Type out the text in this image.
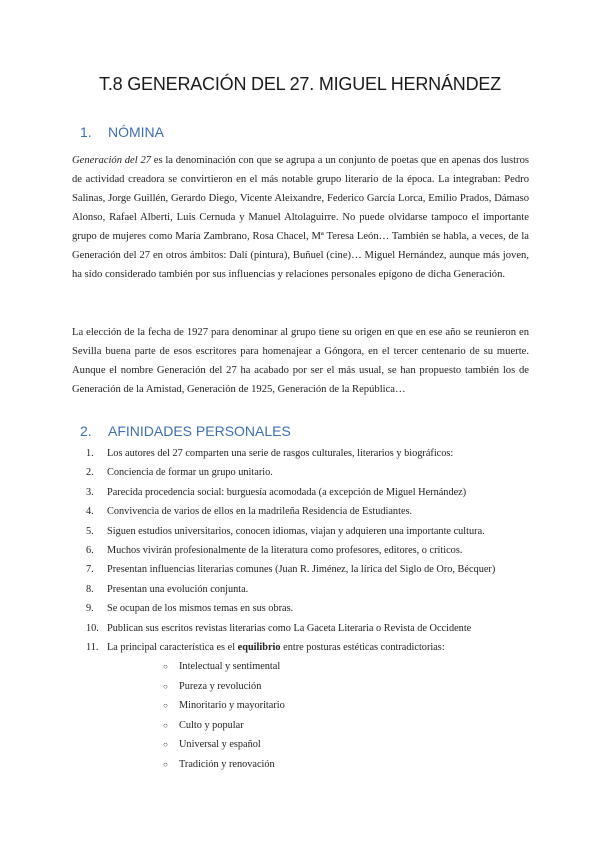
T.8 GENERACIÓN DEL 27. MIGUEL HERNÁNDEZ
1. NÓMINA

Generación del 27 es la denominación con que se agrupa a un conjunto de poetas que en apenas dos lustros de actividad creadora se convirtieron en el más notable grupo literario de la época. La integraban: Pedro Salinas, Jorge Guillén, Gerardo Diego, Vicente Aleixandre, Federico García Lorca, Emilio Prados, Dámaso Alonso, Rafael Alberti, Luis Cernuda y Manuel Altolaguirre. No puede olvidarse tampoco el importante grupo de mujeres como María Zambrano, Rosa Chacel, Mª Teresa León… También se habla, a veces, de la Generación del 27 en otros ámbitos: Dalí (pintura), Buñuel (cine)… Miguel Hernández, aunque más joven, ha sido considerado también por sus influencias y relaciones personales epígono de dicha Generación.

La elección de la fecha de 1927 para denominar al grupo tiene su origen en que en ese año se reunieron en Sevilla buena parte de esos escritores para homenajear a Góngora, en el tercer centenario de su muerte. Aunque el nombre Generación del 27 ha acabado por ser el más usual, se han propuesto también los de Generación de la Amistad, Generación de 1925, Generación de la República…

2. AFINIDADES PERSONALES
1. Los autores del 27 comparten una serie de rasgos culturales, literarios y biográficos:
2. Conciencia de formar un grupo unitario.
3. Parecida procedencia social: burguesía acomodada (a excepción de Miguel Hernández)
4. Convivencia de varios de ellos en la madrileña Residencia de Estudiantes.
5. Siguen estudios universitarios, conocen idiomas, viajan y adquieren una importante cultura.
6. Muchos vivirán profesionalmente de la literatura como profesores, editores, o críticos.
7. Presentan influencias literarias comunes (Juan R. Jiménez, la lírica del Siglo de Oro, Bécquer)
8. Presentan una evolución conjunta.
9. Se ocupan de los mismos temas en sus obras.
10. Publican sus escritos revistas literarias como La Gaceta Literaria o Revista de Occidente
11. La principal característica es el equilibrio entre posturas estéticas contradictorias:
○ Intelectual y sentimental
○ Pureza y revolución
○ Minoritario y mayoritario
○ Culto y popular
○ Universal y español
○ Tradición y renovación
